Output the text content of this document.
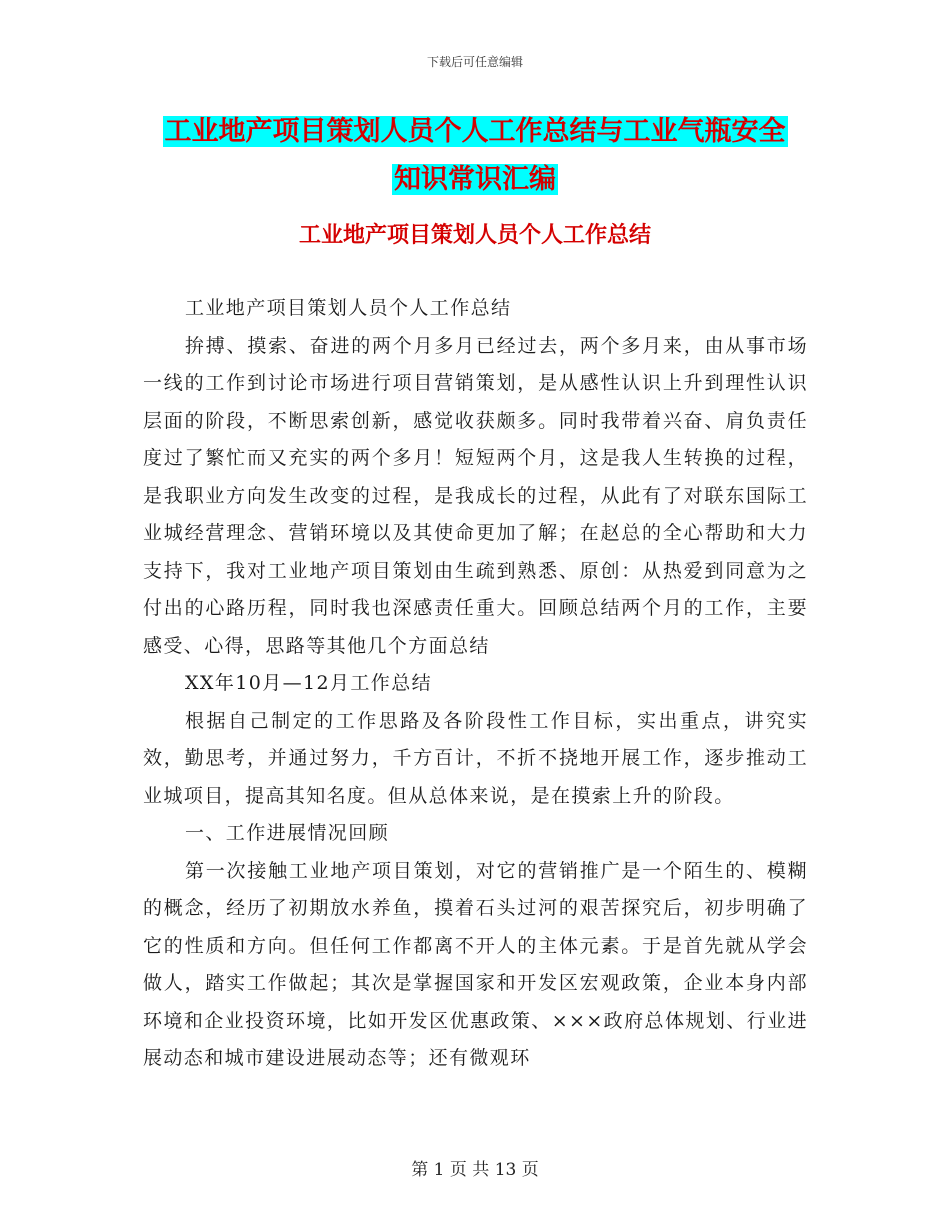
下载后可任意编辑
工业地产项目策划人员个人工作总结与工业气瓶安全
知识常识汇编
工业地产项目策划人员个人工作总结

工业地产项目策划人员个人工作总结

拚搏、摸索、奋进的两个月多月已经过去，两个多月来，由从事市场一线的工作到讨论市场进行项目营销策划，是从感性认识上升到理性认识层面的阶段，不断思索创新，感觉收获颇多。同时我带着兴奋、肩负责任度过了繁忙而又充实的两个多月！短短两个月，这是我人生转换的过程，是我职业方向发生改变的过程，是我成长的过程，从此有了对联东国际工业城经营理念、营销环境以及其使命更加了解；在赵总的全心帮助和大力支持下，我对工业地产项目策划由生疏到熟悉、原创：从热爱到同意为之付出的心路历程，同时我也深感责任重大。回顾总结两个月的工作，主要感受、心得，思路等其他几个方面总结

XX年10月—12月工作总结

根据自己制定的工作思路及各阶段性工作目标，实出重点，讲究实效，勤思考，并通过努力，千方百计，不折不挠地开展工作，逐步推动工业城项目，提高其知名度。但从总体来说，是在摸索上升的阶段。

一、工作进展情况回顾

第一次接触工业地产项目策划，对它的营销推广是一个陌生的、模糊的概念，经历了初期放水养鱼，摸着石头过河的艰苦探究后，初步明确了它的性质和方向。但任何工作都离不开人的主体元素。于是首先就从学会做人，踏实工作做起；其次是掌握国家和开发区宏观政策，企业本身内部环境和企业投资环境，比如开发区优惠政策、×××政府总体规划、行业进展动态和城市建设进展动态等；还有微观环

第 1 页 共 13 页
